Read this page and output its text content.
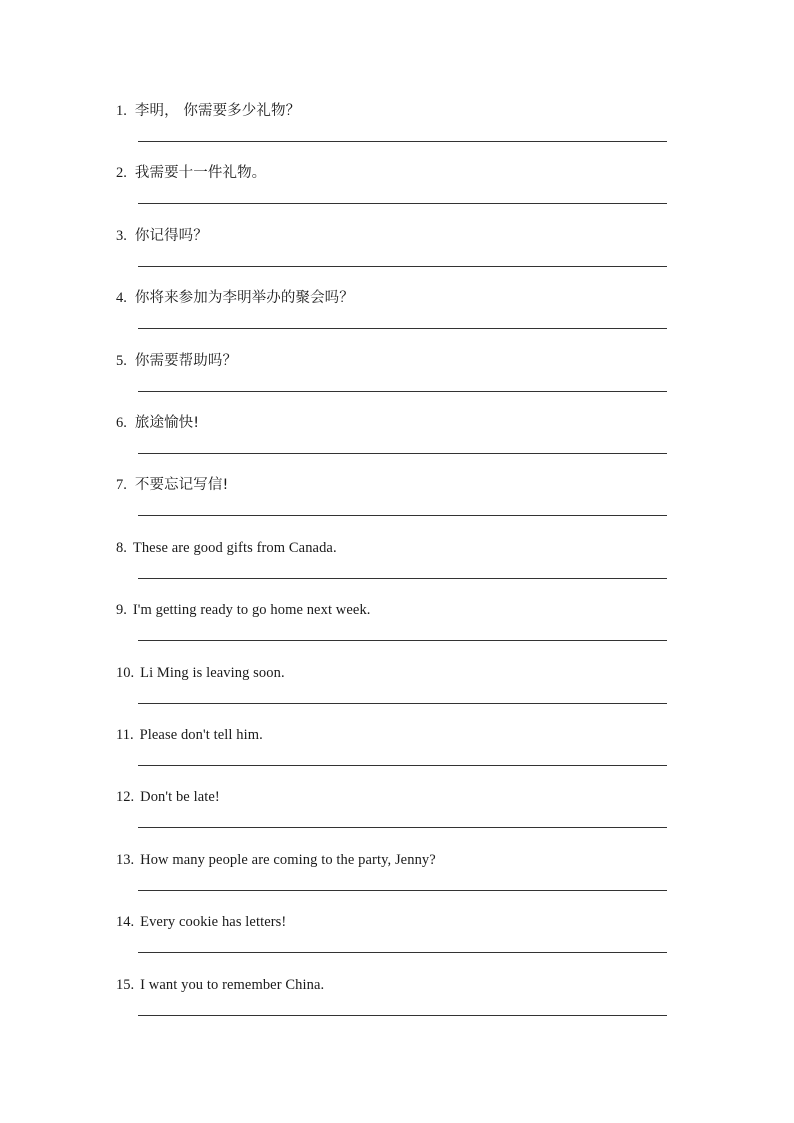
1. 李明， 你需要多少礼物？
2. 我需要十一件礼物。
3. 你记得吗？
4. 你将来参加为李明举办的聚会吗？
5. 你需要帮助吗？
6. 旅途愉快!
7. 不要忘记写信!
8. These are good gifts from Canada.
9. I'm getting ready to go home next week.
10. Li Ming is leaving soon.
11. Please don't tell him.
12. Don't be late!
13. How many people are coming to the party, Jenny?
14. Every cookie has letters!
15. I want you to remember China.
